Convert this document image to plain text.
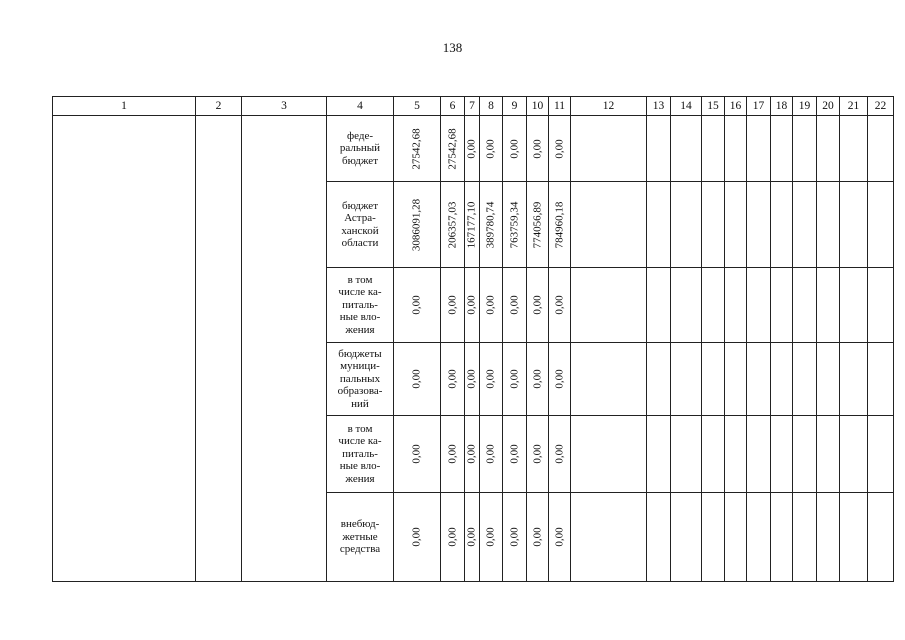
138
1	2	3	4	5	6	7	8	9	10	11	12	13	14	15	16	17	18	19	20	21	22
			феде-
ральный
бюджет	27542,68	27542,68	0,00	0,00	0,00	0,00	0,00											

			бюджет
Астра-
ханской
области	3086091,28	206357,03	167177,10	389780,74	763759,34	774056,89	784960,18											

			в том
числе ка-
питаль-
ные вло-
жения	0,00	0,00	0,00	0,00	0,00	0,00	0,00											

			бюджеты
муници-
пальных
образова-
ний	0,00	0,00	0,00	0,00	0,00	0,00	0,00											

			в том
числе ка-
питаль-
ные вло-
жения	0,00	0,00	0,00	0,00	0,00	0,00	0,00											

			внебюд-
жетные
средства	0,00	0,00	0,00	0,00	0,00	0,00	0,00											
